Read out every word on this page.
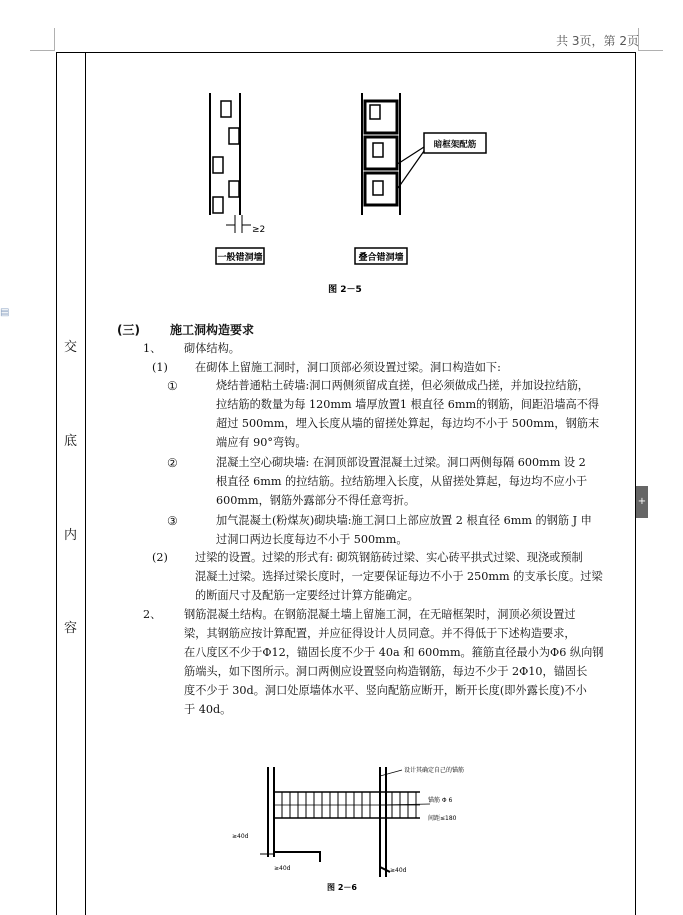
共 3页，第 2页
▤
+
交
底
内
容
≥2
一般错洞墙
暗框架配筋
叠合错洞墙
图 2－5
(三)	施工洞构造要求
1、 砌体结构。
(1) 在砌体上留施工洞时，洞口顶部必须设置过梁。洞口构造如下:
①	烧结普通粘土砖墙:洞口两侧须留成直搓，但必须做成凸搓，并加设拉结筋，
拉结筋的数量为每 120mm 墙厚放置1 根直径 6mm的钢筋，间距沿墙高不得
超过 500mm，埋入长度从墙的留搓处算起，每边均不小于 500mm，钢筋末
端应有 90°弯钩。
②	混凝土空心砌块墙: 在洞顶部设置混凝土过梁。洞口两侧每隔 600mm 设 2
根直径 6mm 的拉结筋。拉结筋埋入长度，从留搓处算起，每边均不应小于
600mm，钢筋外露部分不得任意弯折。
③	加气混凝土(粉煤灰)砌块墙:施工洞口上部应放置 2 根直径 6mm 的钢筋 J 申
过洞口两边长度每边不小于 500mm。
(2) 过梁的设置。过梁的形式有: 砌筑钢筋砖过梁、实心砖平拱式过梁、现浇或预制
混凝土过梁。选择过梁长度时，一定要保证每边不小于 250mm 的支承长度。过梁
的断面尺寸及配筋一定要经过计算方能确定。
2、 钢筋混凝土结构。在钢筋混凝土墙上留施工洞，在无暗框架时，洞顶必须设置过
梁，其钢筋应按计算配置，并应征得设计人员同意。并不得低于下述构造要求，
在八度区不少于Φ12，锚固长度不少于 40a 和 600mm。箍筋直径最小为Φ6 纵向钢
筋端头，如下图所示。洞口两侧应设置竖向构造钢筋，每边不少于 2Φ10，锚固长
度不少于 30d。洞口处原墙体水平、竖向配筋应断开，断开长度(即外露长度)不小
于 40d。
设计其确定自己的锚筋
锚筋 Φ 6
间距≤180
≥40d
≥40d	≥40d
图 2－6
